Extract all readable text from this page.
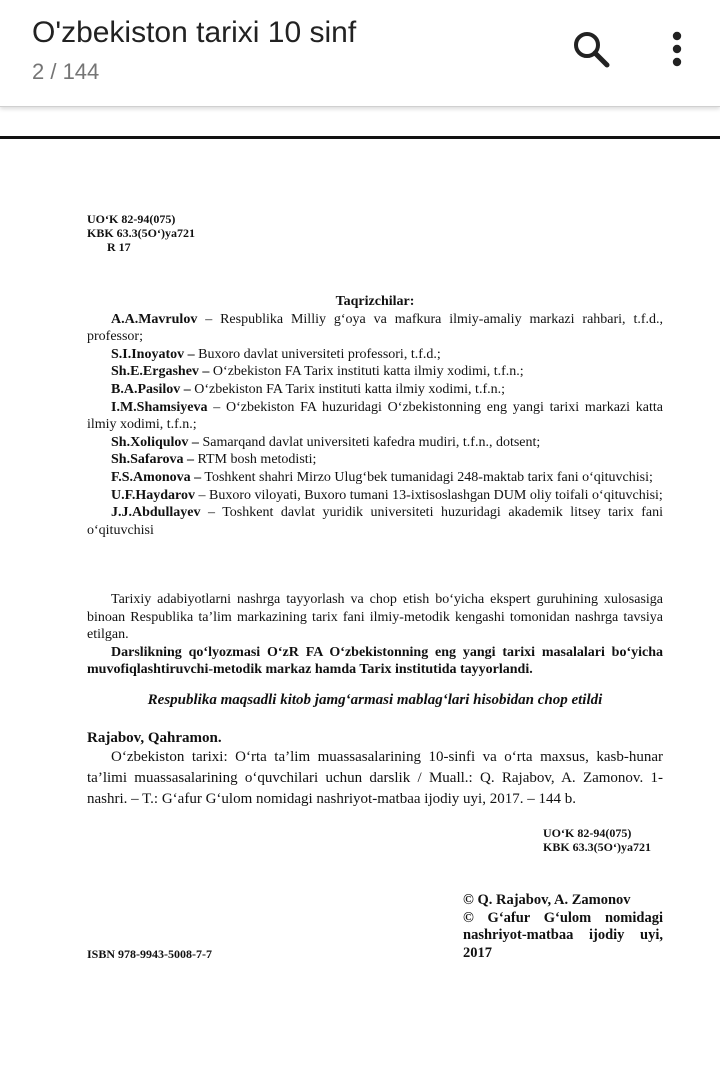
O'zbekiston tarixi 10 sinf
2 / 144
UO‘K 82-94(075)
KBK 63.3(5O‘)ya721
R 17
Taqrizchilar:

A.A.Mavrulov – Respublika Milliy g‘oya va mafkura ilmiy-amaliy markazi rahbari, t.f.d., professor;

S.I.Inoyatov – Buxoro davlat universiteti professori, t.f.d.;

Sh.E.Ergashev – O‘zbekiston FA Tarix instituti katta ilmiy xodimi, t.f.n.;

B.A.Pasilov – O‘zbekiston FA Tarix instituti katta ilmiy xodimi, t.f.n.;

I.M.Shamsiyeva – O‘zbekiston FA huzuridagi O‘zbekistonning eng yangi tarixi markazi katta ilmiy xodimi, t.f.n.;

Sh.Xoliqulov – Samarqand davlat universiteti kafedra mudiri, t.f.n., dotsent;

Sh.Safarova – RTM bosh metodisti;

F.S.Amonova – Toshkent shahri Mirzo Ulug‘bek tumanidagi 248-maktab tarix fani o‘qituvchisi;

U.F.Haydarov – Buxoro viloyati, Buxoro tumani 13-ixtisoslashgan DUM oliy toifali o‘qituvchisi;

J.J.Abdullayev – Toshkent davlat yuridik universiteti huzuridagi akademik litsey tarix fani o‘qituvchisi

Tarixiy adabiyotlarni nashrga tayyorlash va chop etish bo‘yicha ekspert guruhining xulosasiga binoan Respublika ta’lim markazining tarix fani ilmiy-metodik kengashi tomonidan nashrga tavsiya etilgan.

Darslikning qo‘lyozmasi O‘zR FA O‘zbekistonning eng yangi tarixi masalalari bo‘yicha muvofiqlashtiruvchi-metodik markaz hamda Tarix institutida tayyorlandi.

Respublika maqsadli kitob jamg‘armasi mablag‘lari hisobidan chop etildi
Rajabov, Qahramon.
O‘zbekiston tarixi: O‘rta ta’lim muassasalarining 10-sinfi va o‘rta maxsus, kasb-hunar ta’limi muassasalarining o‘quvchilari uchun darslik / Muall.: Q. Rajabov, A. Zamonov. 1-nashri. – T.: G‘afur G‘ulom nomidagi nashriyot-matbaa ijodiy uyi, 2017. – 144 b.
UO‘K 82-94(075)
KBK 63.3(5O‘)ya721
© Q. Rajabov, A. Zamonov
© G‘afur G‘ulom nomidagi nashriyot-matbaa ijodiy uyi, 2017
ISBN 978-9943-5008-7-7
